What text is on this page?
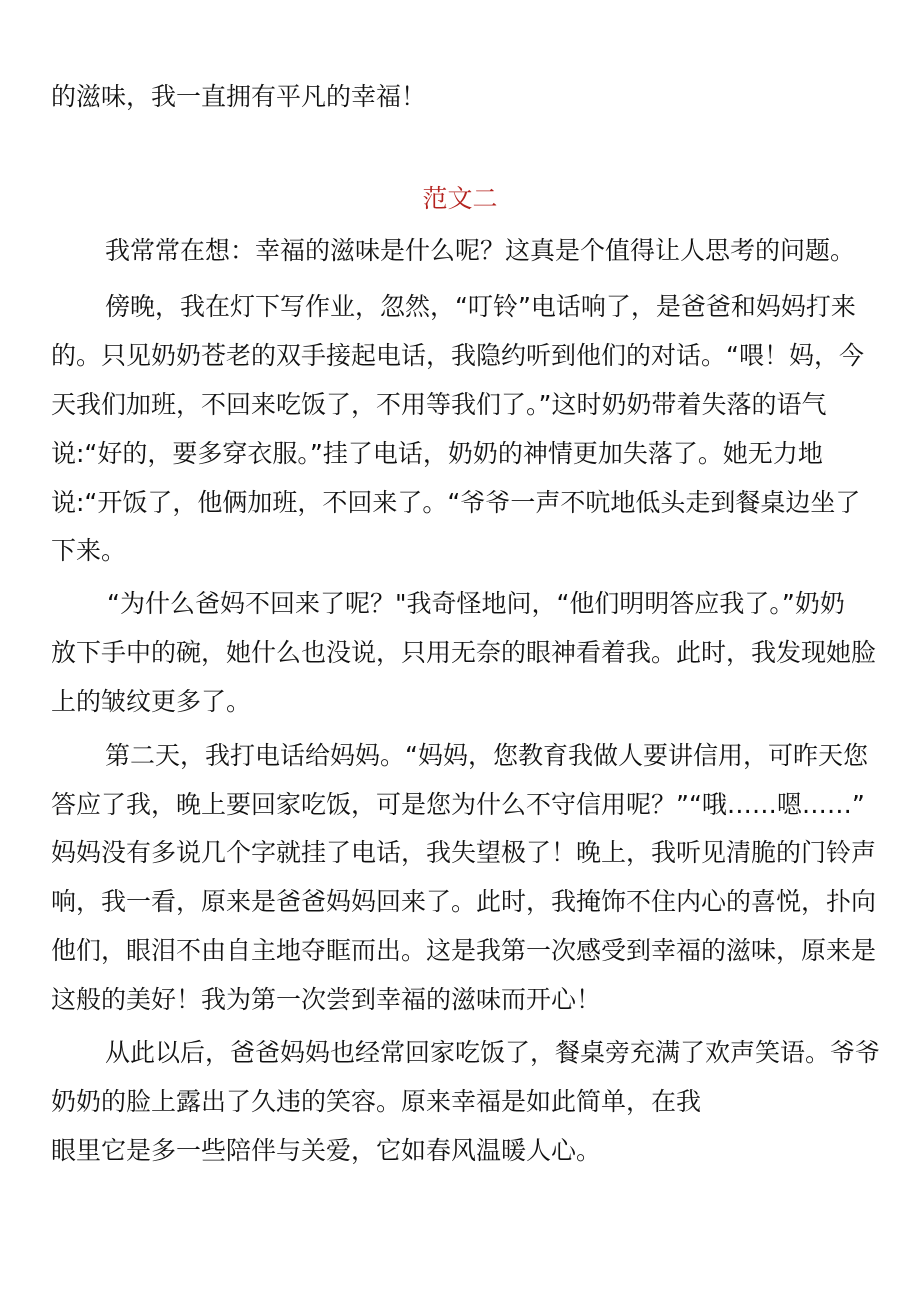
的滋味，我一直拥有平凡的幸福！
范文二
我常常在想：幸福的滋味是什么呢？这真是个值得让人思考的问题。
傍晚，我在灯下写作业，忽然，“叮铃”电话响了，是爸爸和妈妈打来
的。只见奶奶苍老的双手接起电话，我隐约听到他们的对话。“喂！妈，今
天我们加班，不回来吃饭了，不用等我们了。”这时奶奶带着失落的语气
说:“好的，要多穿衣服。”挂了电话，奶奶的神情更加失落了。她无力地
说:“开饭了，他俩加班，不回来了。“爷爷一声不吭地低头走到餐桌边坐了
下来。
“为什么爸妈不回来了呢？"我奇怪地问，“他们明明答应我了。”奶奶
放下手中的碗，她什么也没说，只用无奈的眼神看着我。此时，我发现她脸
上的皱纹更多了。
第二天，我打电话给妈妈。“妈妈，您教育我做人要讲信用，可昨天您
答应了我，晚上要回家吃饭，可是您为什么不守信用呢？”“哦……嗯……”
妈妈没有多说几个字就挂了电话，我失望极了！晚上，我听见清脆的门铃声
响，我一看，原来是爸爸妈妈回来了。此时，我掩饰不住内心的喜悦，扑向
他们，眼泪不由自主地夺眶而出。这是我第一次感受到幸福的滋味，原来是
这般的美好！我为第一次尝到幸福的滋味而开心！
从此以后，爸爸妈妈也经常回家吃饭了，餐桌旁充满了欢声笑语。爷爷
奶奶的脸上露出了久违的笑容。原来幸福是如此简单，在我
眼里它是多一些陪伴与关爱，它如春风温暖人心。
